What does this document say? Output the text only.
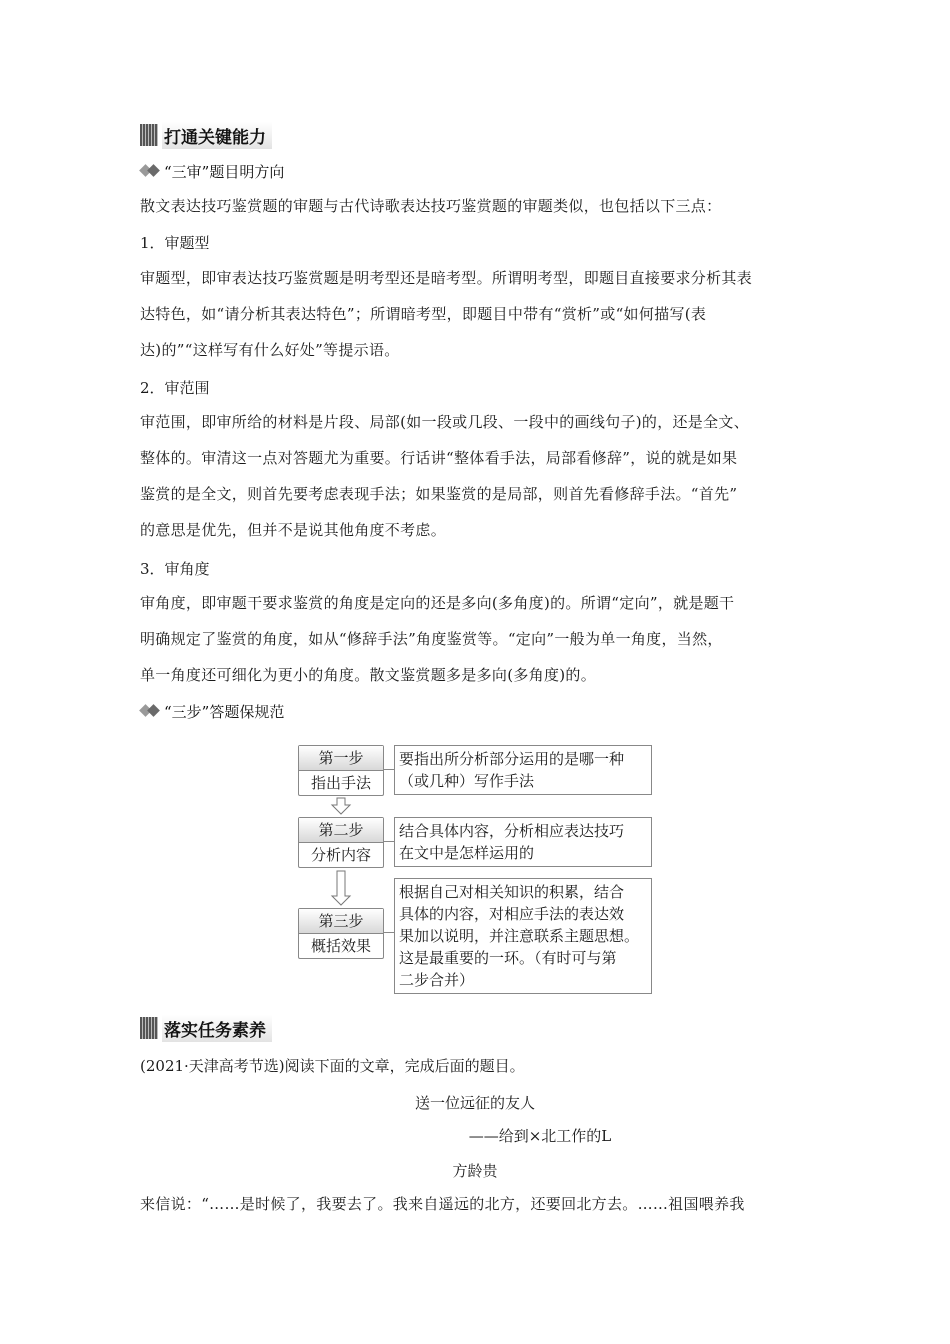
打通关键能力
“三审”题目明方向

散文表达技巧鉴赏题的审题与古代诗歌表达技巧鉴赏题的审题类似，也包括以下三点：

1．审题型

审题型，即审表达技巧鉴赏题是明考型还是暗考型。所谓明考型，即题目直接要求分析其表

达特色，如“请分析其表达特色”；所谓暗考型，即题目中带有“赏析”或“如何描写(表

达)的”“这样写有什么好处”等提示语。

2．审范围

审范围，即审所给的材料是片段、局部(如一段或几段、一段中的画线句子)的，还是全文、

整体的。审清这一点对答题尤为重要。行话讲“整体看手法，局部看修辞”，说的就是如果

鉴赏的是全文，则首先要考虑表现手法；如果鉴赏的是局部，则首先看修辞手法。“首先”

的意思是优先，但并不是说其他角度不考虑。

3．审角度

审角度，即审题干要求鉴赏的角度是定向的还是多向(多角度)的。所谓“定向”，就是题干

明确规定了鉴赏的角度，如从“修辞手法”角度鉴赏等。“定向”一般为单一角度，当然，

单一角度还可细化为更小的角度。散文鉴赏题多是多向(多角度)的。

“三步”答题保规范
第一步
指出手法
要指出所分析部分运用的是哪一种
（或几种）写作手法
第二步
分析内容
结合具体内容，分析相应表达技巧
在文中是怎样运用的
第三步
概括效果
根据自己对相关知识的积累，结合
具体的内容，对相应手法的表达效
果加以说明，并注意联系主题思想。
这是最重要的一环。（有时可与第
二步合并）
落实任务素养
(2021·天津高考节选)阅读下面的文章，完成后面的题目。
送一位远征的友人
——给到×北工作的L
方龄贵

来信说：“……是时候了，我要去了。我来自遥远的北方，还要回北方去。……祖国喂养我
